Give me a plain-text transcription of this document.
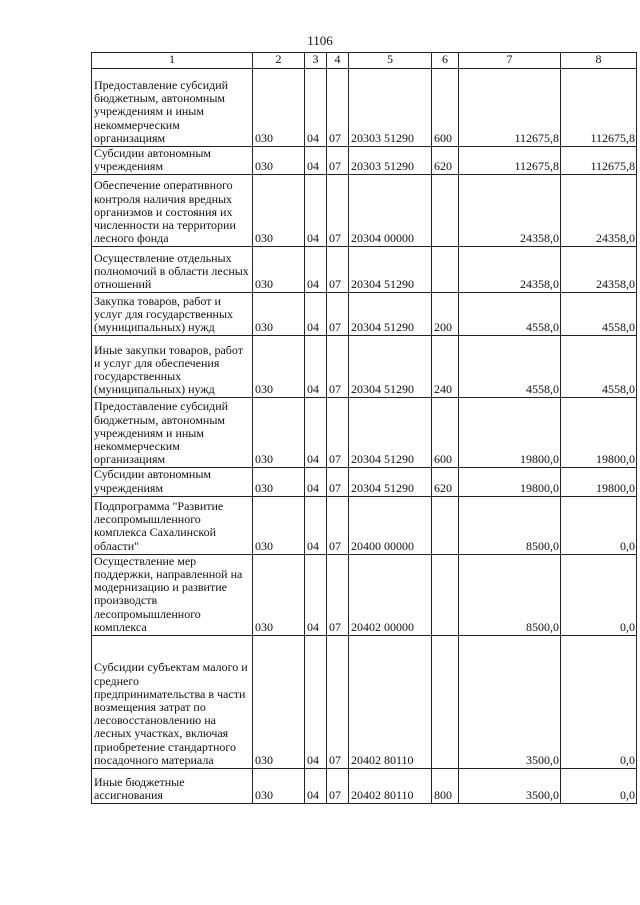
1106
1	2	3	4	5	6	7	8
Предоставление субсидий бюджетным, автономным учреждениям и иным некоммерческим организациям	030	04	07	20303 51290	600	112675,8	112675,8
Субсидии автономным учреждениям	030	04	07	20303 51290	620	112675,8	112675,8
Обеспечение оперативного контроля наличия вредных организмов и состояния их численности на территории лесного фонда	030	04	07	20304 00000		24358,0	24358,0
Осуществление отдельных полномочий в области лесных отношений	030	04	07	20304 51290		24358,0	24358,0
Закупка товаров, работ и услуг для государственных (муниципальных) нужд	030	04	07	20304 51290	200	4558,0	4558,0
Иные закупки товаров, работ и услуг для обеспечения государственных (муниципальных) нужд	030	04	07	20304 51290	240	4558,0	4558,0
Предоставление субсидий бюджетным, автономным учреждениям и иным некоммерческим организациям	030	04	07	20304 51290	600	19800,0	19800,0
Субсидии автономным учреждениям	030	04	07	20304 51290	620	19800,0	19800,0
Подпрограмма "Развитие лесопромышленного комплекса Сахалинской области"	030	04	07	20400 00000		8500,0	0,0
Осуществление мер поддержки, направленной на модернизацию и развитие производств лесопромышленного комплекса	030	04	07	20402 00000		8500,0	0,0
Субсидии субъектам малого и среднего предпринимательства в части возмещения затрат по лесовосстановлению на лесных участках, включая приобретение стандартного посадочного материала	030	04	07	20402 80110		3500,0	0,0
Иные бюджетные ассигнования	030	04	07	20402 80110	800	3500,0	0,0
